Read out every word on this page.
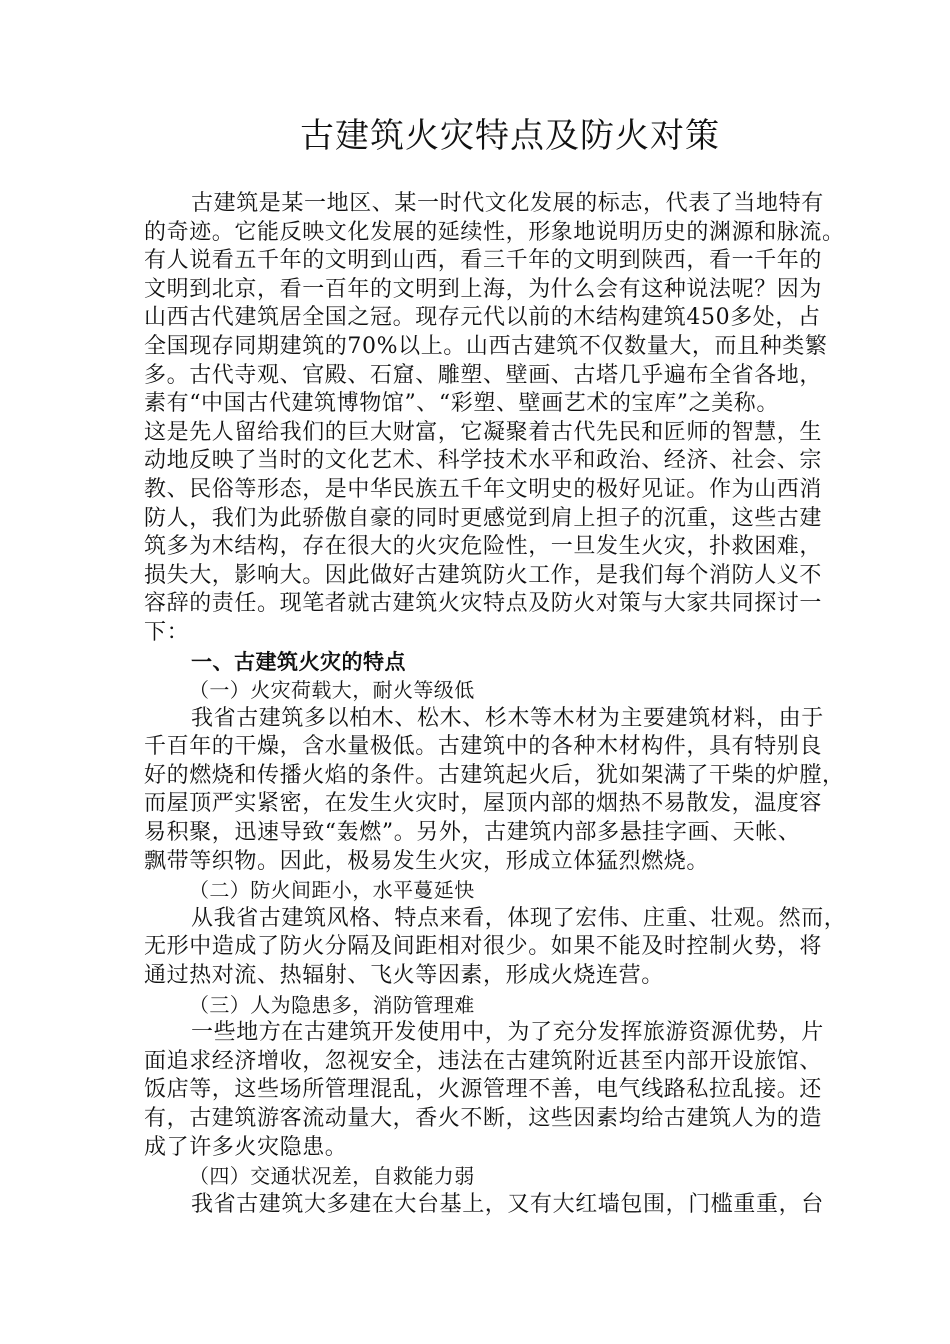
古建筑火灾特点及防火对策
古建筑是某一地区、某一时代文化发展的标志，代表了当地特有
的奇迹。它能反映文化发展的延续性，形象地说明历史的渊源和脉流。
有人说看五千年的文明到山西，看三千年的文明到陕西，看一千年的
文明到北京，看一百年的文明到上海，为什么会有这种说法呢？因为
山西古代建筑居全国之冠。现存元代以前的木结构建筑450多处，占
全国现存同期建筑的70%以上。山西古建筑不仅数量大，而且种类繁
多。古代寺观、官殿、石窟、雕塑、壁画、古塔几乎遍布全省各地，
素有“中国古代建筑博物馆”、“彩塑、壁画艺术的宝库”之美称。
这是先人留给我们的巨大财富，它凝聚着古代先民和匠师的智慧，生
动地反映了当时的文化艺术、科学技术水平和政治、经济、社会、宗
教、民俗等形态，是中华民族五千年文明史的极好见证。作为山西消
防人，我们为此骄傲自豪的同时更感觉到肩上担子的沉重，这些古建
筑多为木结构，存在很大的火灾危险性，一旦发生火灾，扑救困难，
损失大，影响大。因此做好古建筑防火工作，是我们每个消防人义不
容辞的责任。现笔者就古建筑火灾特点及防火对策与大家共同探讨一
下：
一、古建筑火灾的特点
（一）火灾荷载大，耐火等级低
我省古建筑多以柏木、松木、杉木等木材为主要建筑材料，由于
千百年的干燥，含水量极低。古建筑中的各种木材构件，具有特别良
好的燃烧和传播火焰的条件。古建筑起火后，犹如架满了干柴的炉膛，
而屋顶严实紧密，在发生火灾时，屋顶内部的烟热不易散发，温度容
易积聚，迅速导致“轰燃”。另外，古建筑内部多悬挂字画、天帐、
飘带等织物。因此，极易发生火灾，形成立体猛烈燃烧。
（二）防火间距小，水平蔓延快
从我省古建筑风格、特点来看，体现了宏伟、庄重、壮观。然而，
无形中造成了防火分隔及间距相对很少。如果不能及时控制火势，将
通过热对流、热辐射、飞火等因素，形成火烧连营。
（三）人为隐患多，消防管理难
一些地方在古建筑开发使用中，为了充分发挥旅游资源优势，片
面追求经济增收，忽视安全，违法在古建筑附近甚至内部开设旅馆、
饭店等，这些场所管理混乱，火源管理不善，电气线路私拉乱接。还
有，古建筑游客流动量大，香火不断，这些因素均给古建筑人为的造
成了许多火灾隐患。
（四）交通状况差，自救能力弱
我省古建筑大多建在大台基上，又有大红墙包围，门槛重重，台
